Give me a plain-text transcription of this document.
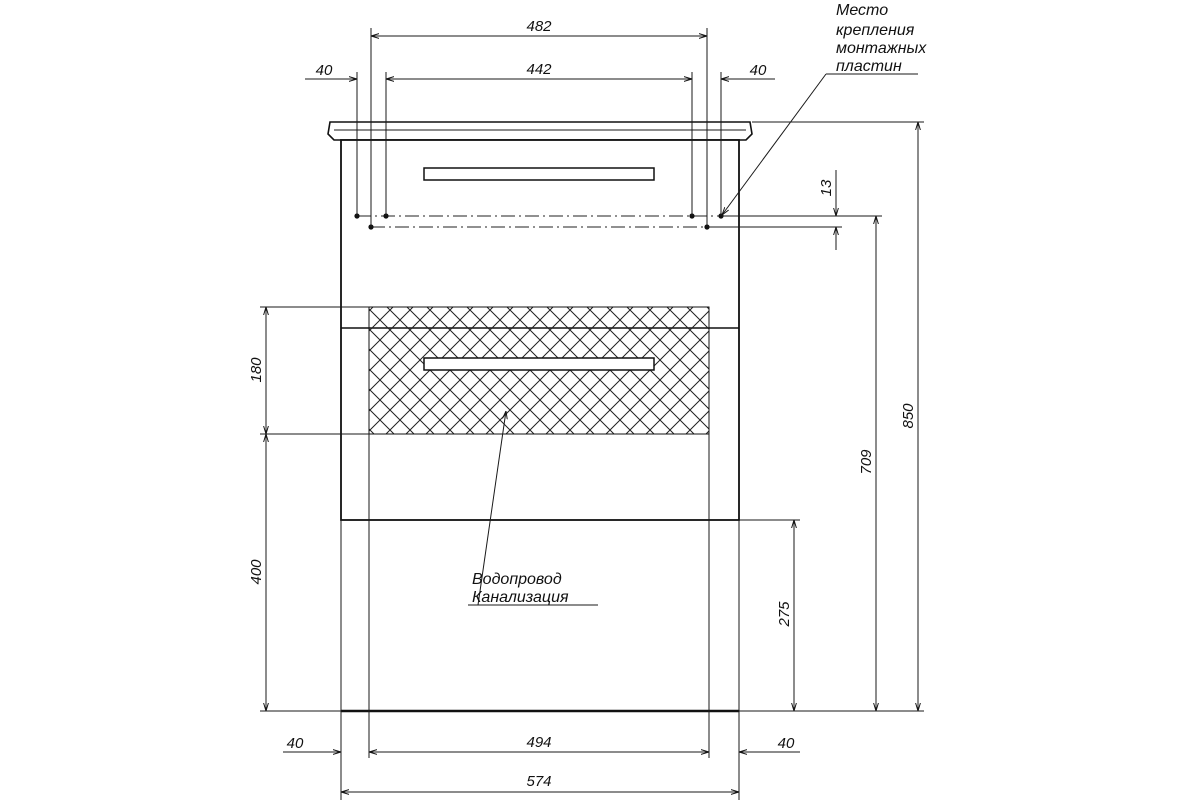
482
442
40	40
Место
крепления
монтажных
пластин
13
709
850
275
180
400	Водопровод
Канализация
494
40	40
574
